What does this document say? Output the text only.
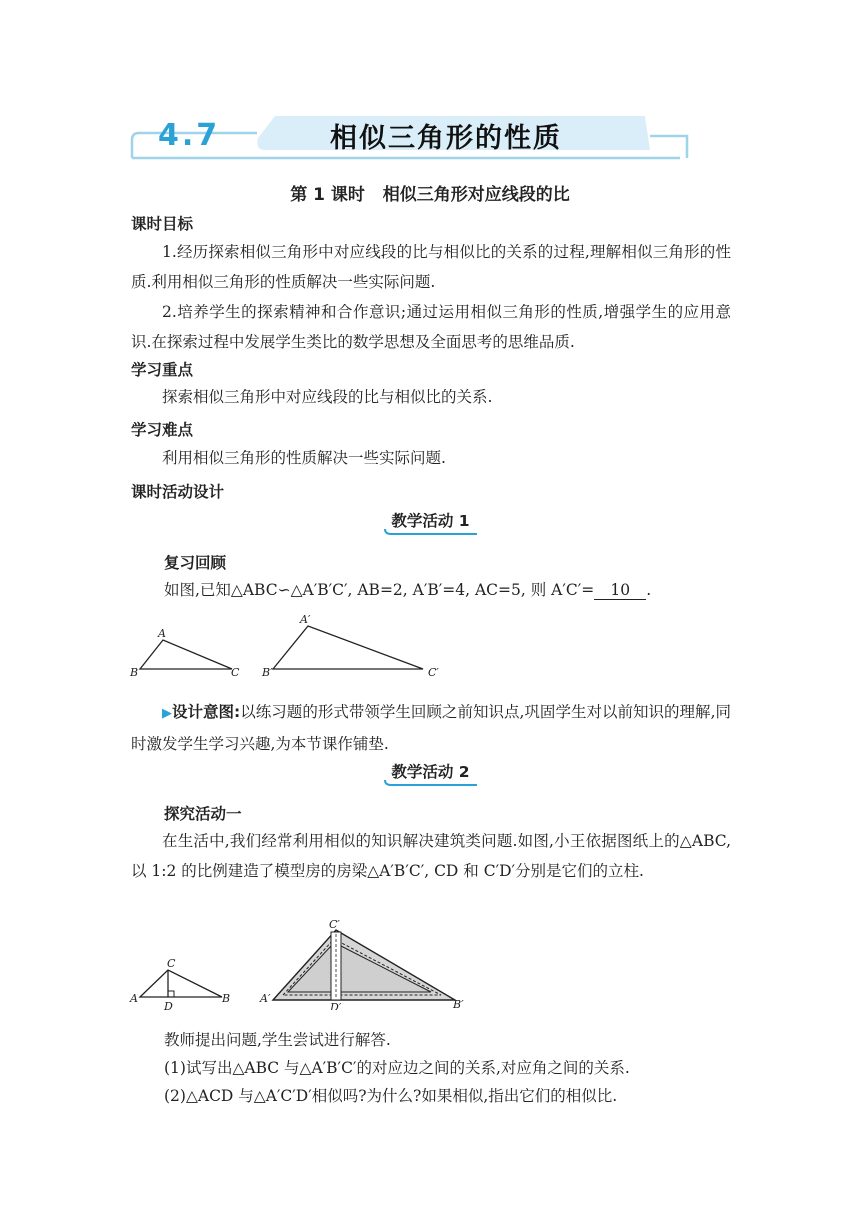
4.7	相似三角形的性质
第 1 课时 相似三角形对应线段的比
课时目标
1.经历探索相似三角形中对应线段的比与相似比的关系的过程,理解相似三角形的性质.利用相似三角形的性质解决一些实际问题.
2.培养学生的探索精神和合作意识;通过运用相似三角形的性质,增强学生的应用意识.在探索过程中发展学生类比的数学思想及全面思考的思维品质.
学习重点
探索相似三角形中对应线段的比与相似比的关系.
学习难点
利用相似三角形的性质解决一些实际问题.
课时活动设计
教学活动 1
复习回顾
如图,已知△ABC∽△A′B′C′, AB=2, A′B′=4, AC=5, 则 A′C′= 10 .
A
B	C
A′
B′	C′
▶设计意图:以练习题的形式带领学生回顾之前知识点,巩固学生对以前知识的理解,同时激发学生学习兴趣,为本节课作铺垫.
教学活动 2
探究活动一
在生活中,我们经常利用相似的知识解决建筑类问题.如图,小王依据图纸上的△ABC,以 1:2 的比例建造了模型房的房梁△A′B′C′, CD 和 C′D′分别是它们的立柱.
C
A	B
D
C′
A′	B′
D′
教师提出问题,学生尝试进行解答.
(1)试写出△ABC 与△A′B′C′的对应边之间的关系,对应角之间的关系.
(2)△ACD 与△A′C′D′相似吗?为什么?如果相似,指出它们的相似比.
